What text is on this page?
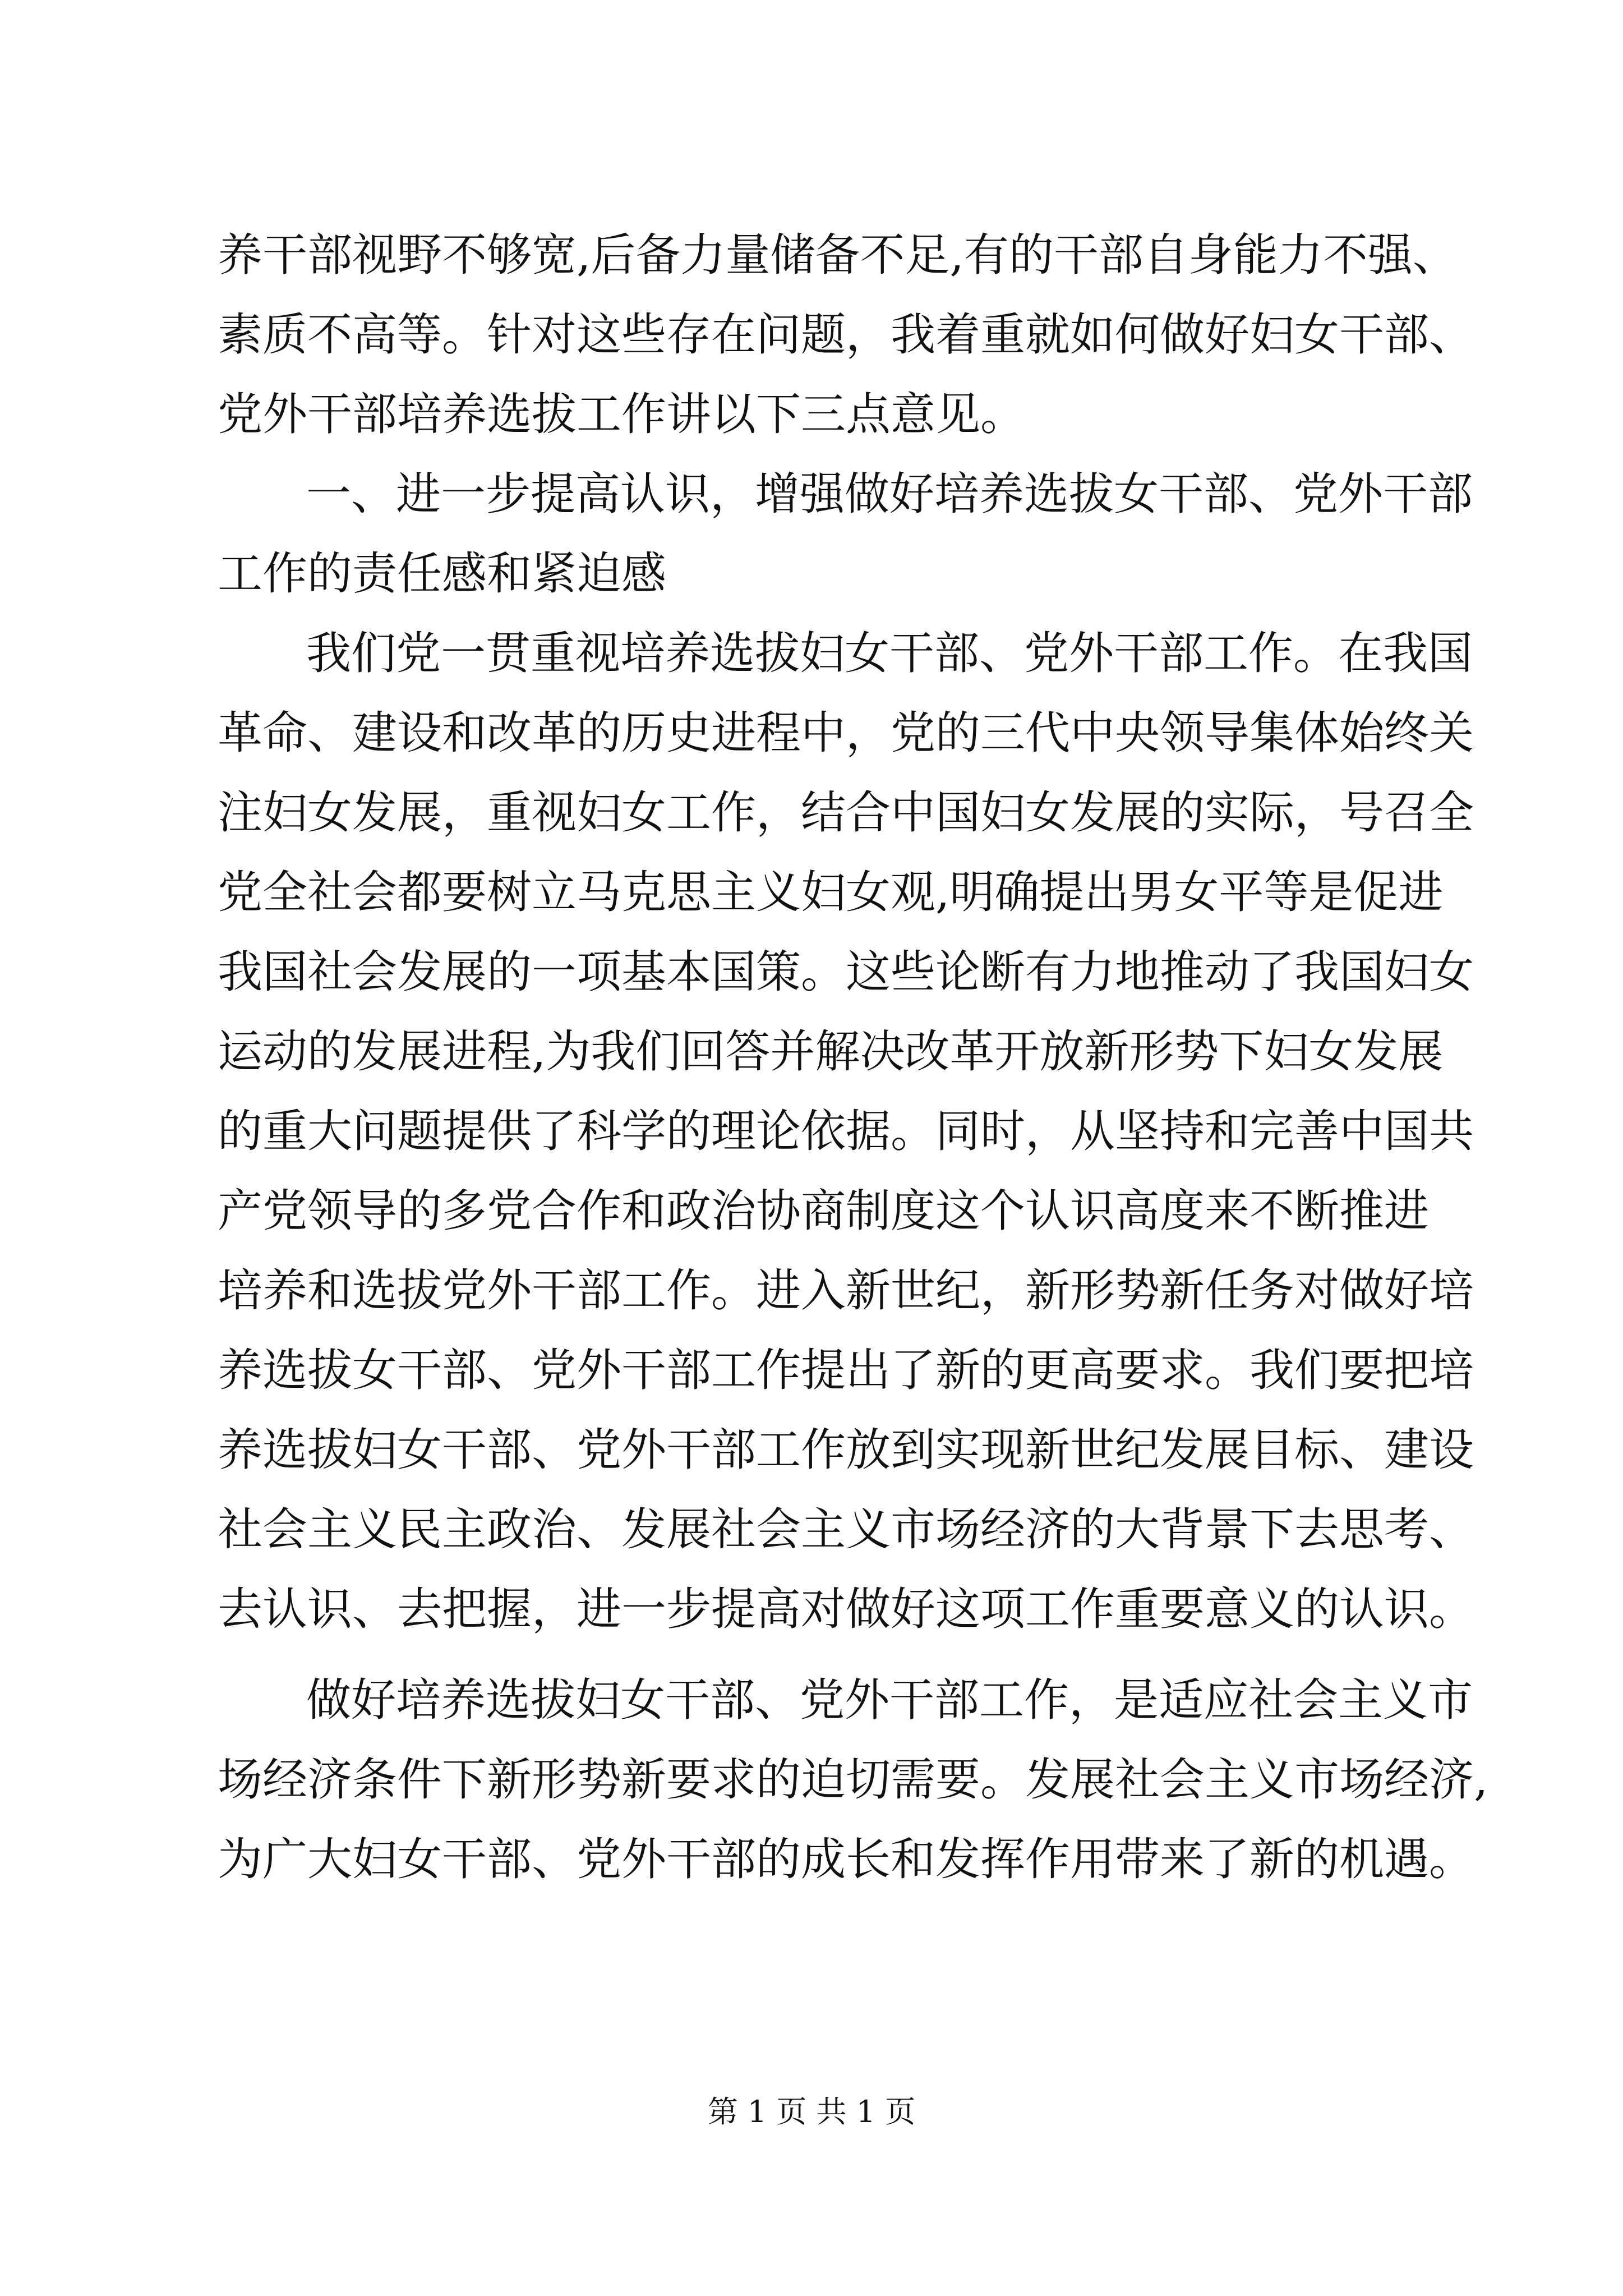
养干部视野不够宽,后备力量储备不足,有的干部自身能力不强、
素质不高等。针对这些存在问题，我着重就如何做好妇女干部、
党外干部培养选拔工作讲以下三点意见。
一、进一步提高认识，增强做好培养选拔女干部、党外干部
工作的责任感和紧迫感
我们党一贯重视培养选拔妇女干部、党外干部工作。在我国
革命、建设和改革的历史进程中，党的三代中央领导集体始终关
注妇女发展，重视妇女工作，结合中国妇女发展的实际，号召全
党全社会都要树立马克思主义妇女观,明确提出男女平等是促进
我国社会发展的一项基本国策。这些论断有力地推动了我国妇女
运动的发展进程,为我们回答并解决改革开放新形势下妇女发展
的重大问题提供了科学的理论依据。同时，从坚持和完善中国共
产党领导的多党合作和政治协商制度这个认识高度来不断推进
培养和选拔党外干部工作。进入新世纪，新形势新任务对做好培
养选拔女干部、党外干部工作提出了新的更高要求。我们要把培
养选拔妇女干部、党外干部工作放到实现新世纪发展目标、建设
社会主义民主政治、发展社会主义市场经济的大背景下去思考、
去认识、去把握，进一步提高对做好这项工作重要意义的认识。
做好培养选拔妇女干部、党外干部工作，是适应社会主义市
场经济条件下新形势新要求的迫切需要。发展社会主义市场经济,
为广大妇女干部、党外干部的成长和发挥作用带来了新的机遇。
第 1 页 共 1 页
